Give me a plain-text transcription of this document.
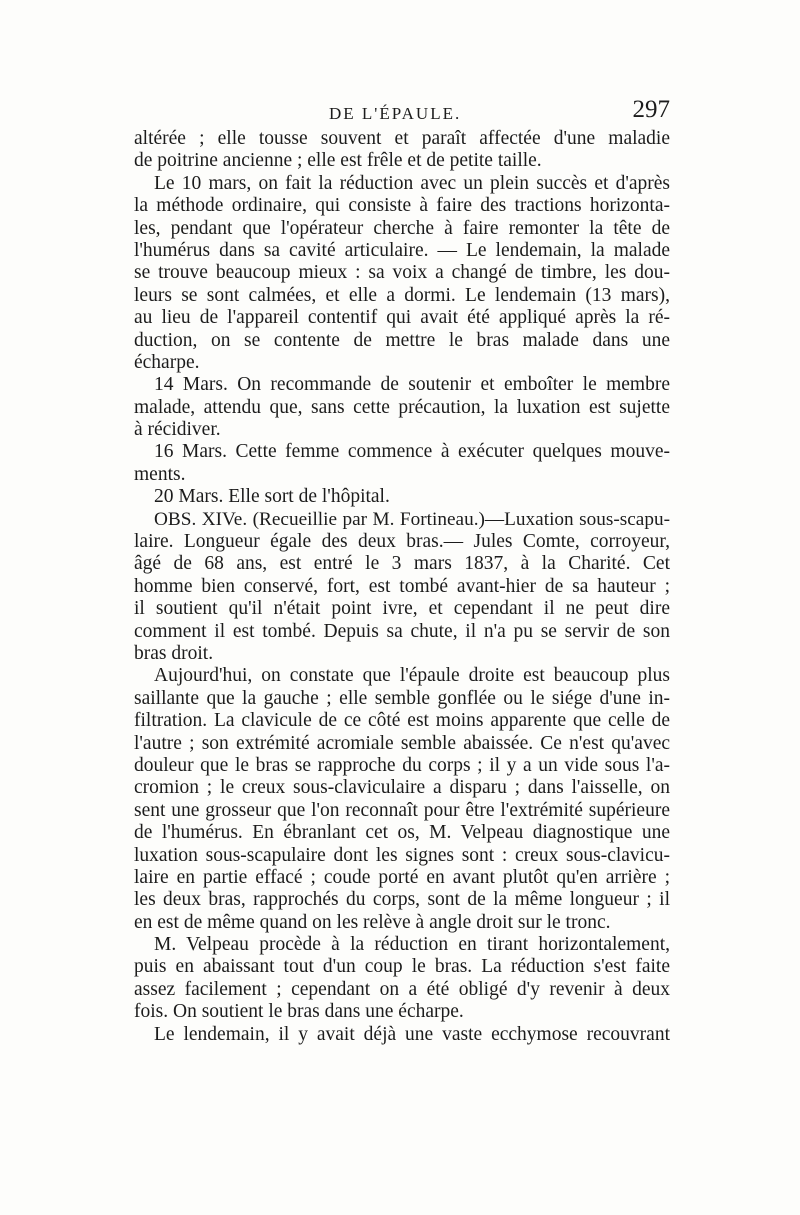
DE L'ÉPAULE.	297
altérée ; elle tousse souvent et paraît affectée d'une maladie
de poitrine ancienne ; elle est frêle et de petite taille.
Le 10 mars, on fait la réduction avec un plein succès et d'après
la méthode ordinaire, qui consiste à faire des tractions horizonta-
les, pendant que l'opérateur cherche à faire remonter la tête de
l'humérus dans sa cavité articulaire. — Le lendemain, la malade
se trouve beaucoup mieux : sa voix a changé de timbre, les dou-
leurs se sont calmées, et elle a dormi. Le lendemain (13 mars),
au lieu de l'appareil contentif qui avait été appliqué après la ré-
duction, on se contente de mettre le bras malade dans une
écharpe.
14 Mars. On recommande de soutenir et emboîter le membre
malade, attendu que, sans cette précaution, la luxation est sujette
à récidiver.
16 Mars. Cette femme commence à exécuter quelques mouve-
ments.
20 Mars. Elle sort de l'hôpital.
OBS. XIVe. (Recueillie par M. Fortineau.)—Luxation sous-scapu-
laire. Longueur égale des deux bras.— Jules Comte, corroyeur,
âgé de 68 ans, est entré le 3 mars 1837, à la Charité. Cet
homme bien conservé, fort, est tombé avant-hier de sa hauteur ;
il soutient qu'il n'était point ivre, et cependant il ne peut dire
comment il est tombé. Depuis sa chute, il n'a pu se servir de son
bras droit.
Aujourd'hui, on constate que l'épaule droite est beaucoup plus
saillante que la gauche ; elle semble gonflée ou le siége d'une in-
filtration. La clavicule de ce côté est moins apparente que celle de
l'autre ; son extrémité acromiale semble abaissée. Ce n'est qu'avec
douleur que le bras se rapproche du corps ; il y a un vide sous l'a-
cromion ; le creux sous-claviculaire a disparu ; dans l'aisselle, on
sent une grosseur que l'on reconnaît pour être l'extrémité supérieure
de l'humérus. En ébranlant cet os, M. Velpeau diagnostique une
luxation sous-scapulaire dont les signes sont : creux sous-clavicu-
laire en partie effacé ; coude porté en avant plutôt qu'en arrière ;
les deux bras, rapprochés du corps, sont de la même longueur ; il
en est de même quand on les relève à angle droit sur le tronc.
M. Velpeau procède à la réduction en tirant horizontalement,
puis en abaissant tout d'un coup le bras. La réduction s'est faite
assez facilement ; cependant on a été obligé d'y revenir à deux
fois. On soutient le bras dans une écharpe.
Le lendemain, il y avait déjà une vaste ecchymose recouvrant
